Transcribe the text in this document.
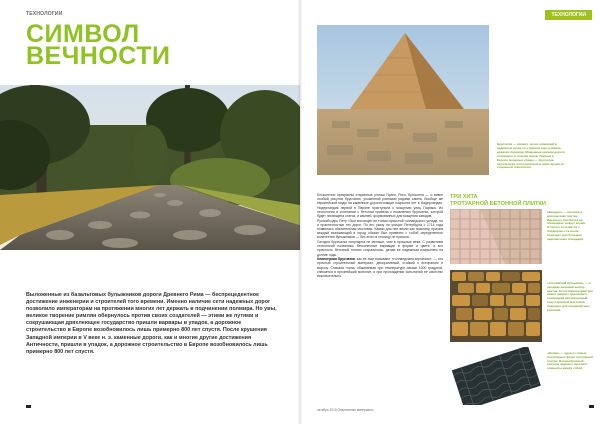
ТЕХНОЛОГИИ
СИМВОЛ
ВЕЧНОСТИ
Выложенные из базальтовых булыжников дороги Древнего Рима — беспрецедентное достижение инженерии и строителей того времени. Именно наличие сети надежных дорог позволило императорам на протяжении многих лет держать в подчинении полмира. Но увы, великое творение римлян обернулось против своих создателей — этими же путями и сокрушающая дряхлеющее государство пришли варвары в упадок, а дорожное строительство в Европе возобновилось лишь примерно 800 лет спустя. После крушения Западной империи в V веке н. э. каменные дороги, как и многие другие достижения Античности, пришли в упадок, а дорожное строительство в Европе возобновилось лишь примерно 800 лет спустя.
ТЕХНОЛОГИИ
Брусчатка — символ, вечно хранящий в надежных руках по-старинке еще и камень древних пирамид. Мощенные камнем дороги сохранили в течение веков. Первые в Европе мощеные улицы — брусчатка, начала века, изготовленная в наше время по старинной технологии.

Бесконечно прекрасны старинные улочки Праги, Риги, Брюсселя — и вовсе особый рисунок брусчатки, уложенной ровными рядами камня. Вообще же европейской моды на каменные дорогостоящие покрытия нет в Нидерландах. Нидерландия первой в Европе приступила к мощению улиц Парижа. Их технология в сочетании с бетоном привела к появлению брусчатки, которой будет посвящена статья, и камней, формованных для мощения заводов.

Русский царь Петр I был восхищен не только красотой голландского уклада, но и практичностью тех дорог. По его указу на улицах Петербурга с 1714 года появилась обязательная мостовая. Камни для нее везли как пошлину, причем каждый въезжающий в город обязан был привезти с собой определенное количество булыжников — без этого в столицу не пускали.

Сегодня брусчатка популярна не меньше, чем в прошлые века. С развитием технологий появились бесконечные вариации в форме и цвете, а вот прочность бетонной плитки сохранилась, делая ее надежным покрытием на долгие годы.

Клинкерная брусчатка, как ее еще называют «голландским кирпичом», — это прочный строительный материал, декоративный, стойкий к истиранию и морозу. Сначала глина, обжигаемая при температуре свыше 1000 градусов, спекается в прочнейший монолит, и при прохождении испытаний ее качество исключительно.

ТРИ ХИТА
ТРОТУАРНОЙ БЕТОННОЙ ПЛИТКИ
«Квадрат» — прочная и долговечная плитка. Идеально смотрится на площадках, вокруг клумб. Отлично сочетается с бордюром и газоном, подходит для больших парковочных площадей.
«Английский булыжник» — в продаже широкий выбор цветов. Естественная фактура камня придает дорожкам и площадкам неповторимый вид старинной мостовой, подходит для ландшафтных решений.
«Волна» — одна из самых популярных форм тротуарной плитки. Волнообразный рисунок надежно сцепляет элементы между собой.
октябрь 2010 Отделочные материалы
